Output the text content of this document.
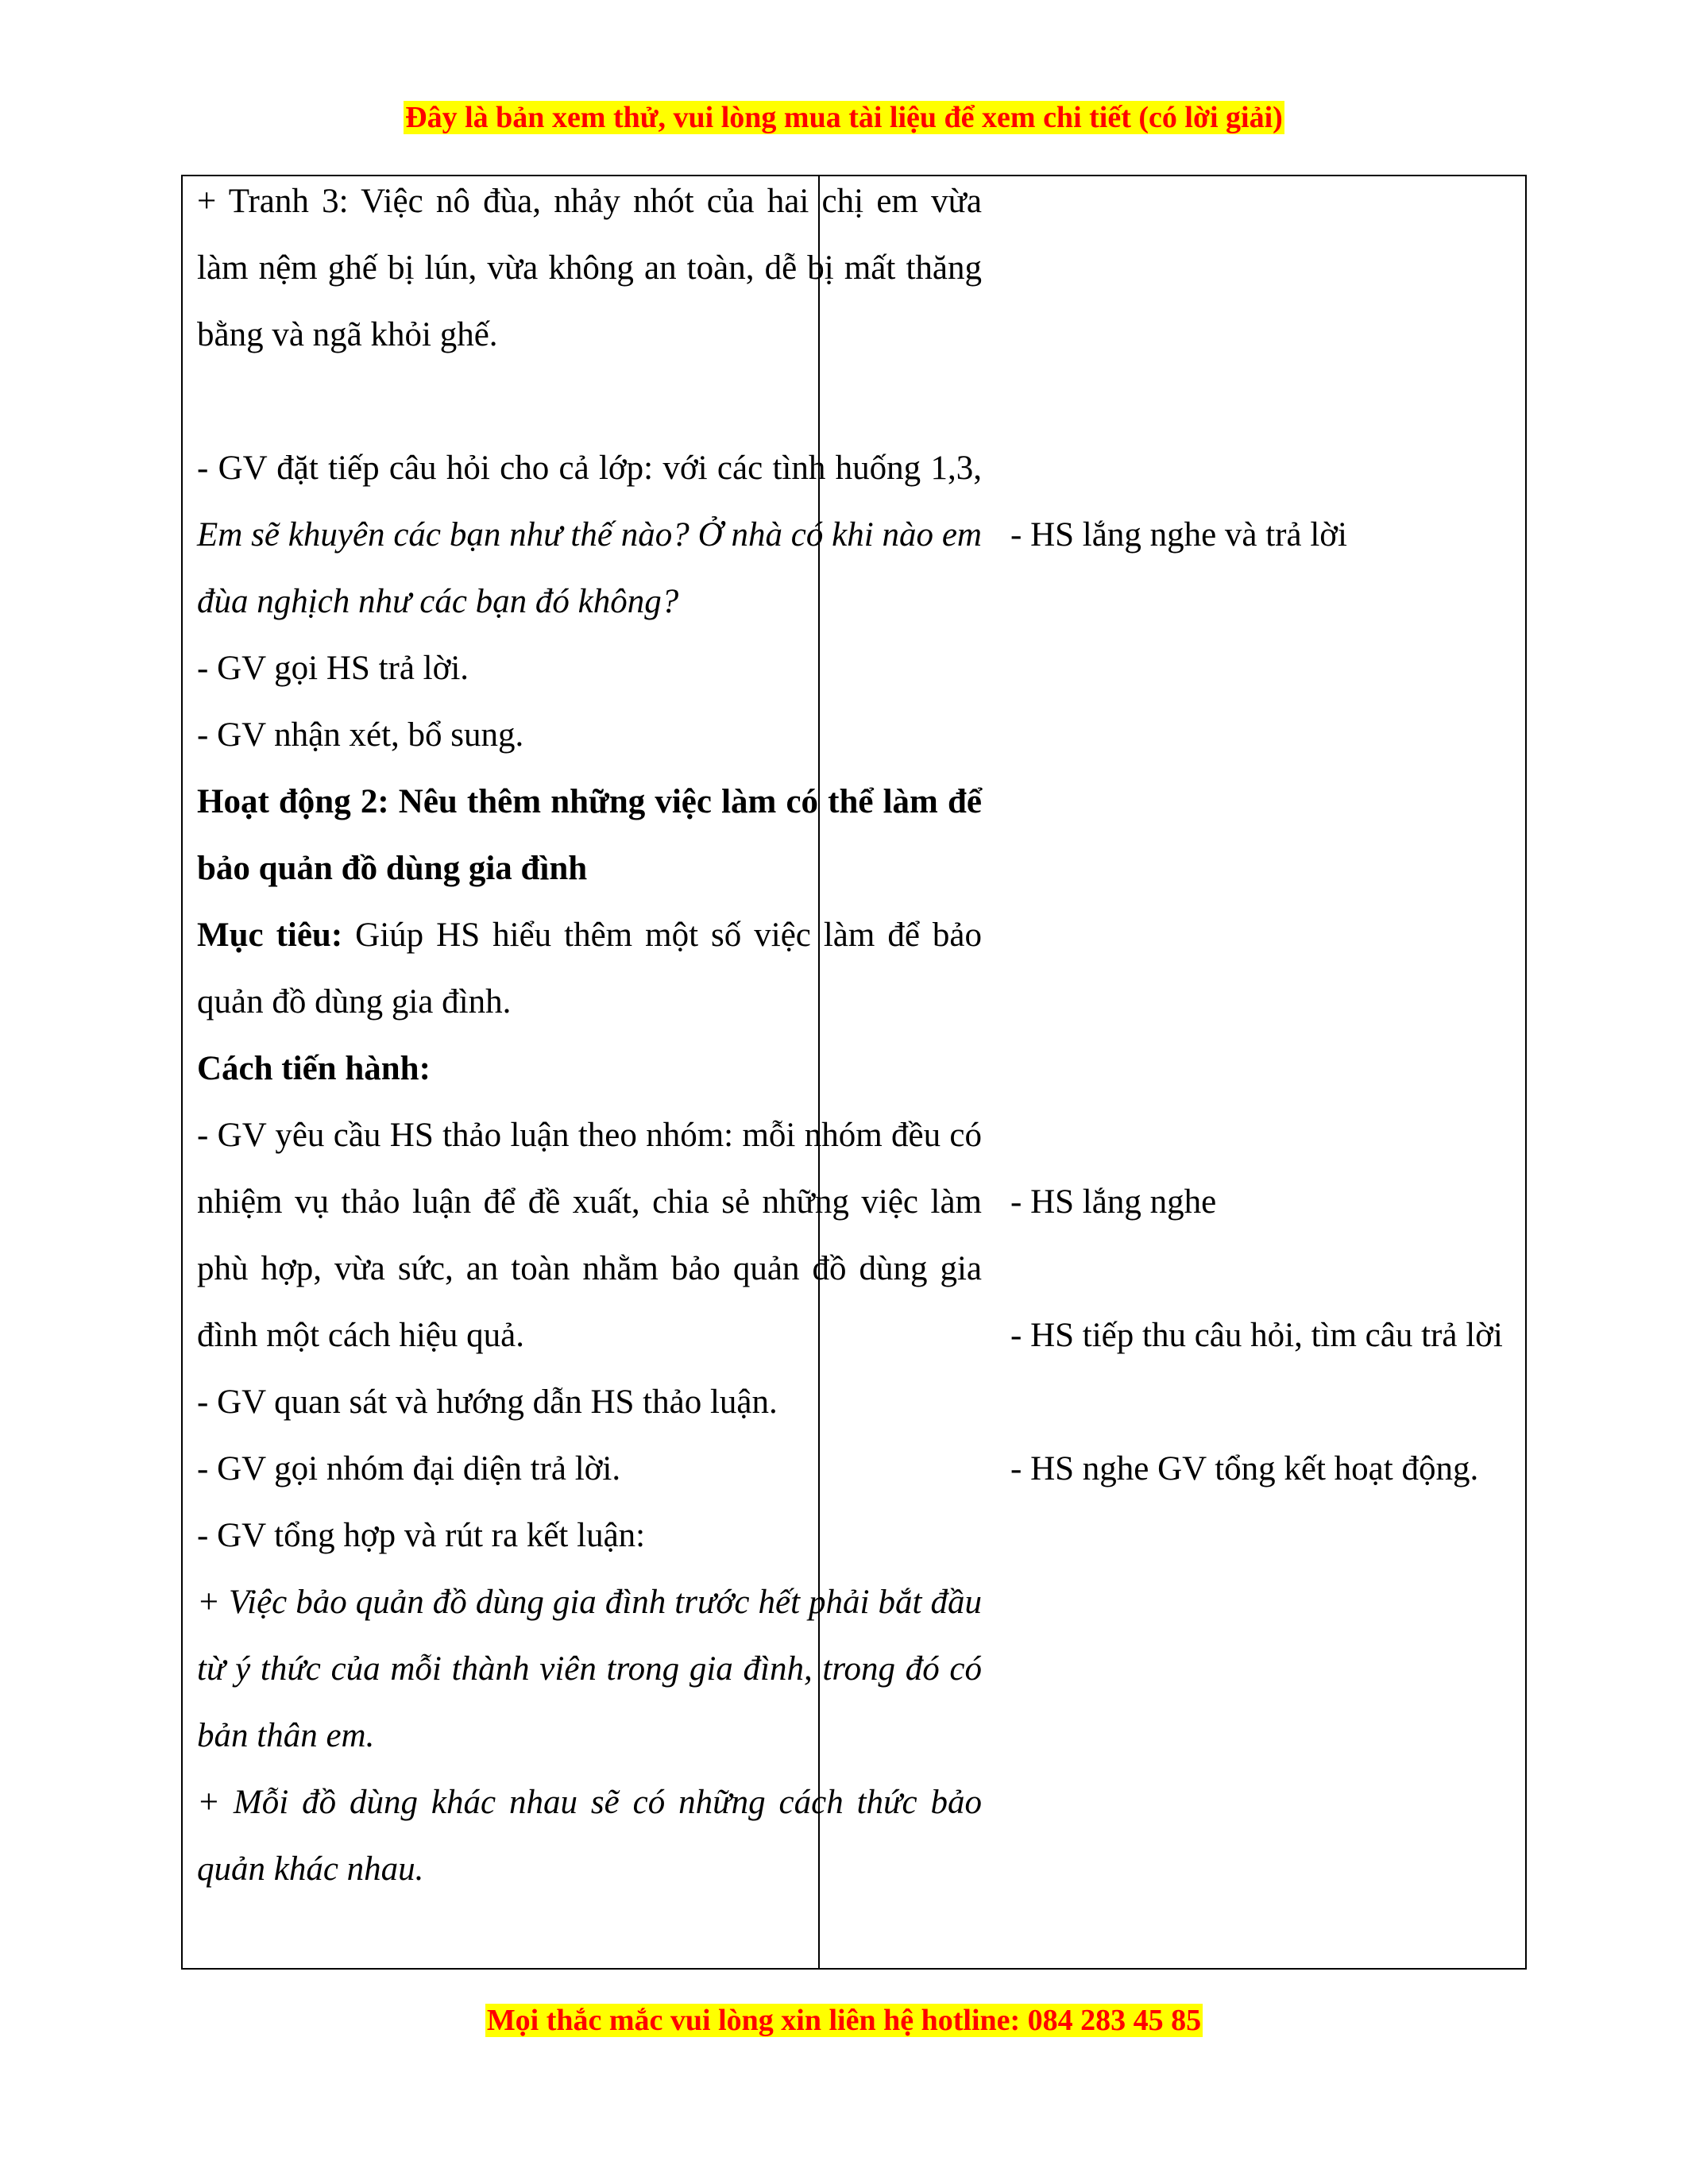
Đây là bản xem thử, vui lòng mua tài liệu để xem chi tiết (có lời giải)

+ Tranh 3: Việc nô đùa, nhảy nhót của hai chị em vừa làm nệm ghế bị lún, vừa không an toàn, dễ bị mất thăng bằng và ngã khỏi ghế.

- GV đặt tiếp câu hỏi cho cả lớp: với các tình huống 1,3, Em sẽ khuyên các bạn như thế nào? Ở nhà có khi nào em đùa nghịch như các bạn đó không?

- GV gọi HS trả lời.

- GV nhận xét, bổ sung.

Hoạt động 2: Nêu thêm những việc làm có thể làm để bảo quản đồ dùng gia đình

Mục tiêu: Giúp HS hiểu thêm một số việc làm để bảo quản đồ dùng gia đình.

Cách tiến hành:

- GV yêu cầu HS thảo luận theo nhóm: mỗi nhóm đều có nhiệm vụ thảo luận để đề xuất, chia sẻ những việc làm phù hợp, vừa sức, an toàn nhằm bảo quản đồ dùng gia đình một cách hiệu quả.

- GV quan sát và hướng dẫn HS thảo luận.

- GV gọi nhóm đại diện trả lời.

- GV tổng hợp và rút ra kết luận:

+ Việc bảo quản đồ dùng gia đình trước hết phải bắt đầu từ ý thức của mỗi thành viên trong gia đình, trong đó có bản thân em.

+ Mỗi đồ dùng khác nhau sẽ có những cách thức bảo quản khác nhau.

- HS lắng nghe và trả lời

- HS lắng nghe

- HS tiếp thu câu hỏi, tìm câu trả lời

- HS nghe GV tổng kết hoạt động.

Mọi thắc mắc vui lòng xin liên hệ hotline: 084 283 45 85
